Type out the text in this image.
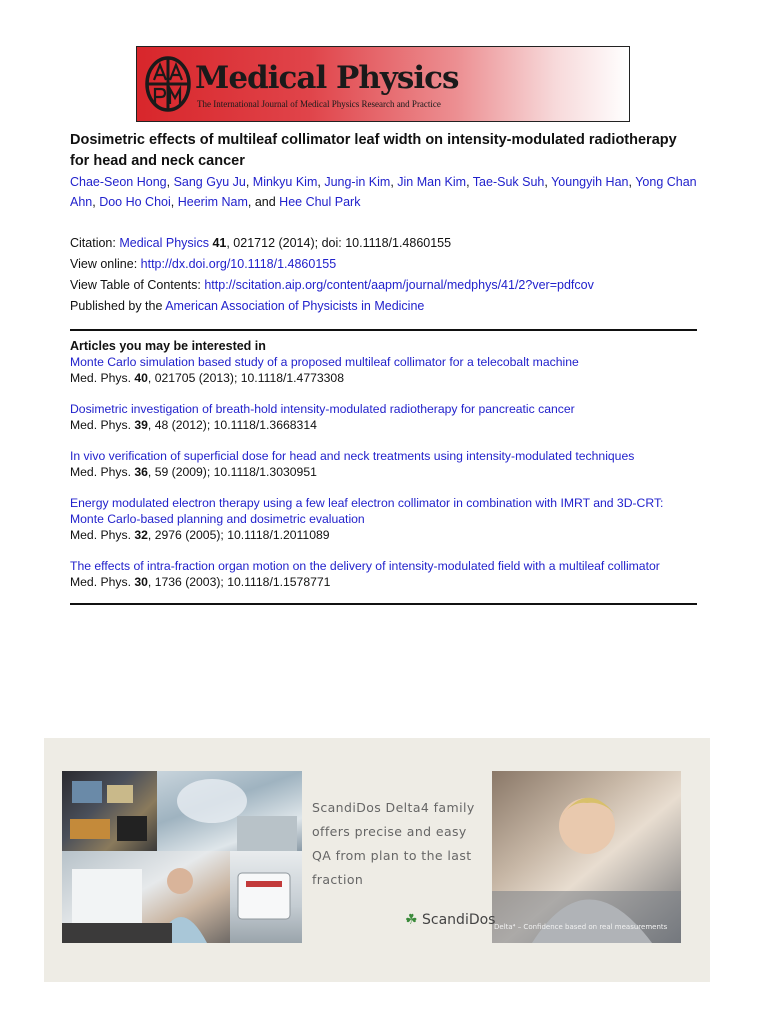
Medical Physics
The International Journal of Medical Physics Research and Practice
Dosimetric effects of multileaf collimator leaf width on intensity-modulated radiotherapy for head and neck cancer
Chae-Seon Hong, Sang Gyu Ju, Minkyu Kim, Jung-in Kim, Jin Man Kim, Tae-Suk Suh, Youngyih Han, Yong Chan Ahn, Doo Ho Choi, Heerim Nam, and Hee Chul Park
Citation: Medical Physics 41, 021712 (2014); doi: 10.1118/1.4860155
View online: http://dx.doi.org/10.1118/1.4860155
View Table of Contents: http://scitation.aip.org/content/aapm/journal/medphys/41/2?ver=pdfcov
Published by the American Association of Physicists in Medicine
Articles you may be interested in
Monte Carlo simulation based study of a proposed multileaf collimator for a telecobalt machine
Med. Phys. 40, 021705 (2013); 10.1118/1.4773308
Dosimetric investigation of breath-hold intensity-modulated radiotherapy for pancreatic cancer
Med. Phys. 39, 48 (2012); 10.1118/1.3668314
In vivo verification of superficial dose for head and neck treatments using intensity-modulated techniques
Med. Phys. 36, 59 (2009); 10.1118/1.3030951
Energy modulated electron therapy using a few leaf electron collimator in combination with IMRT and 3D-CRT: Monte Carlo-based planning and dosimetric evaluation
Med. Phys. 32, 2976 (2005); 10.1118/1.2011089
The effects of intra-fraction organ motion on the delivery of intensity-modulated field with a multileaf collimator
Med. Phys. 30, 1736 (2003); 10.1118/1.1578771
ScandiDos Delta4 family
offers precise and easy
QA from plan to the last
fraction
☘ ScandiDos
Delta⁴ – Confidence based on real measurements
